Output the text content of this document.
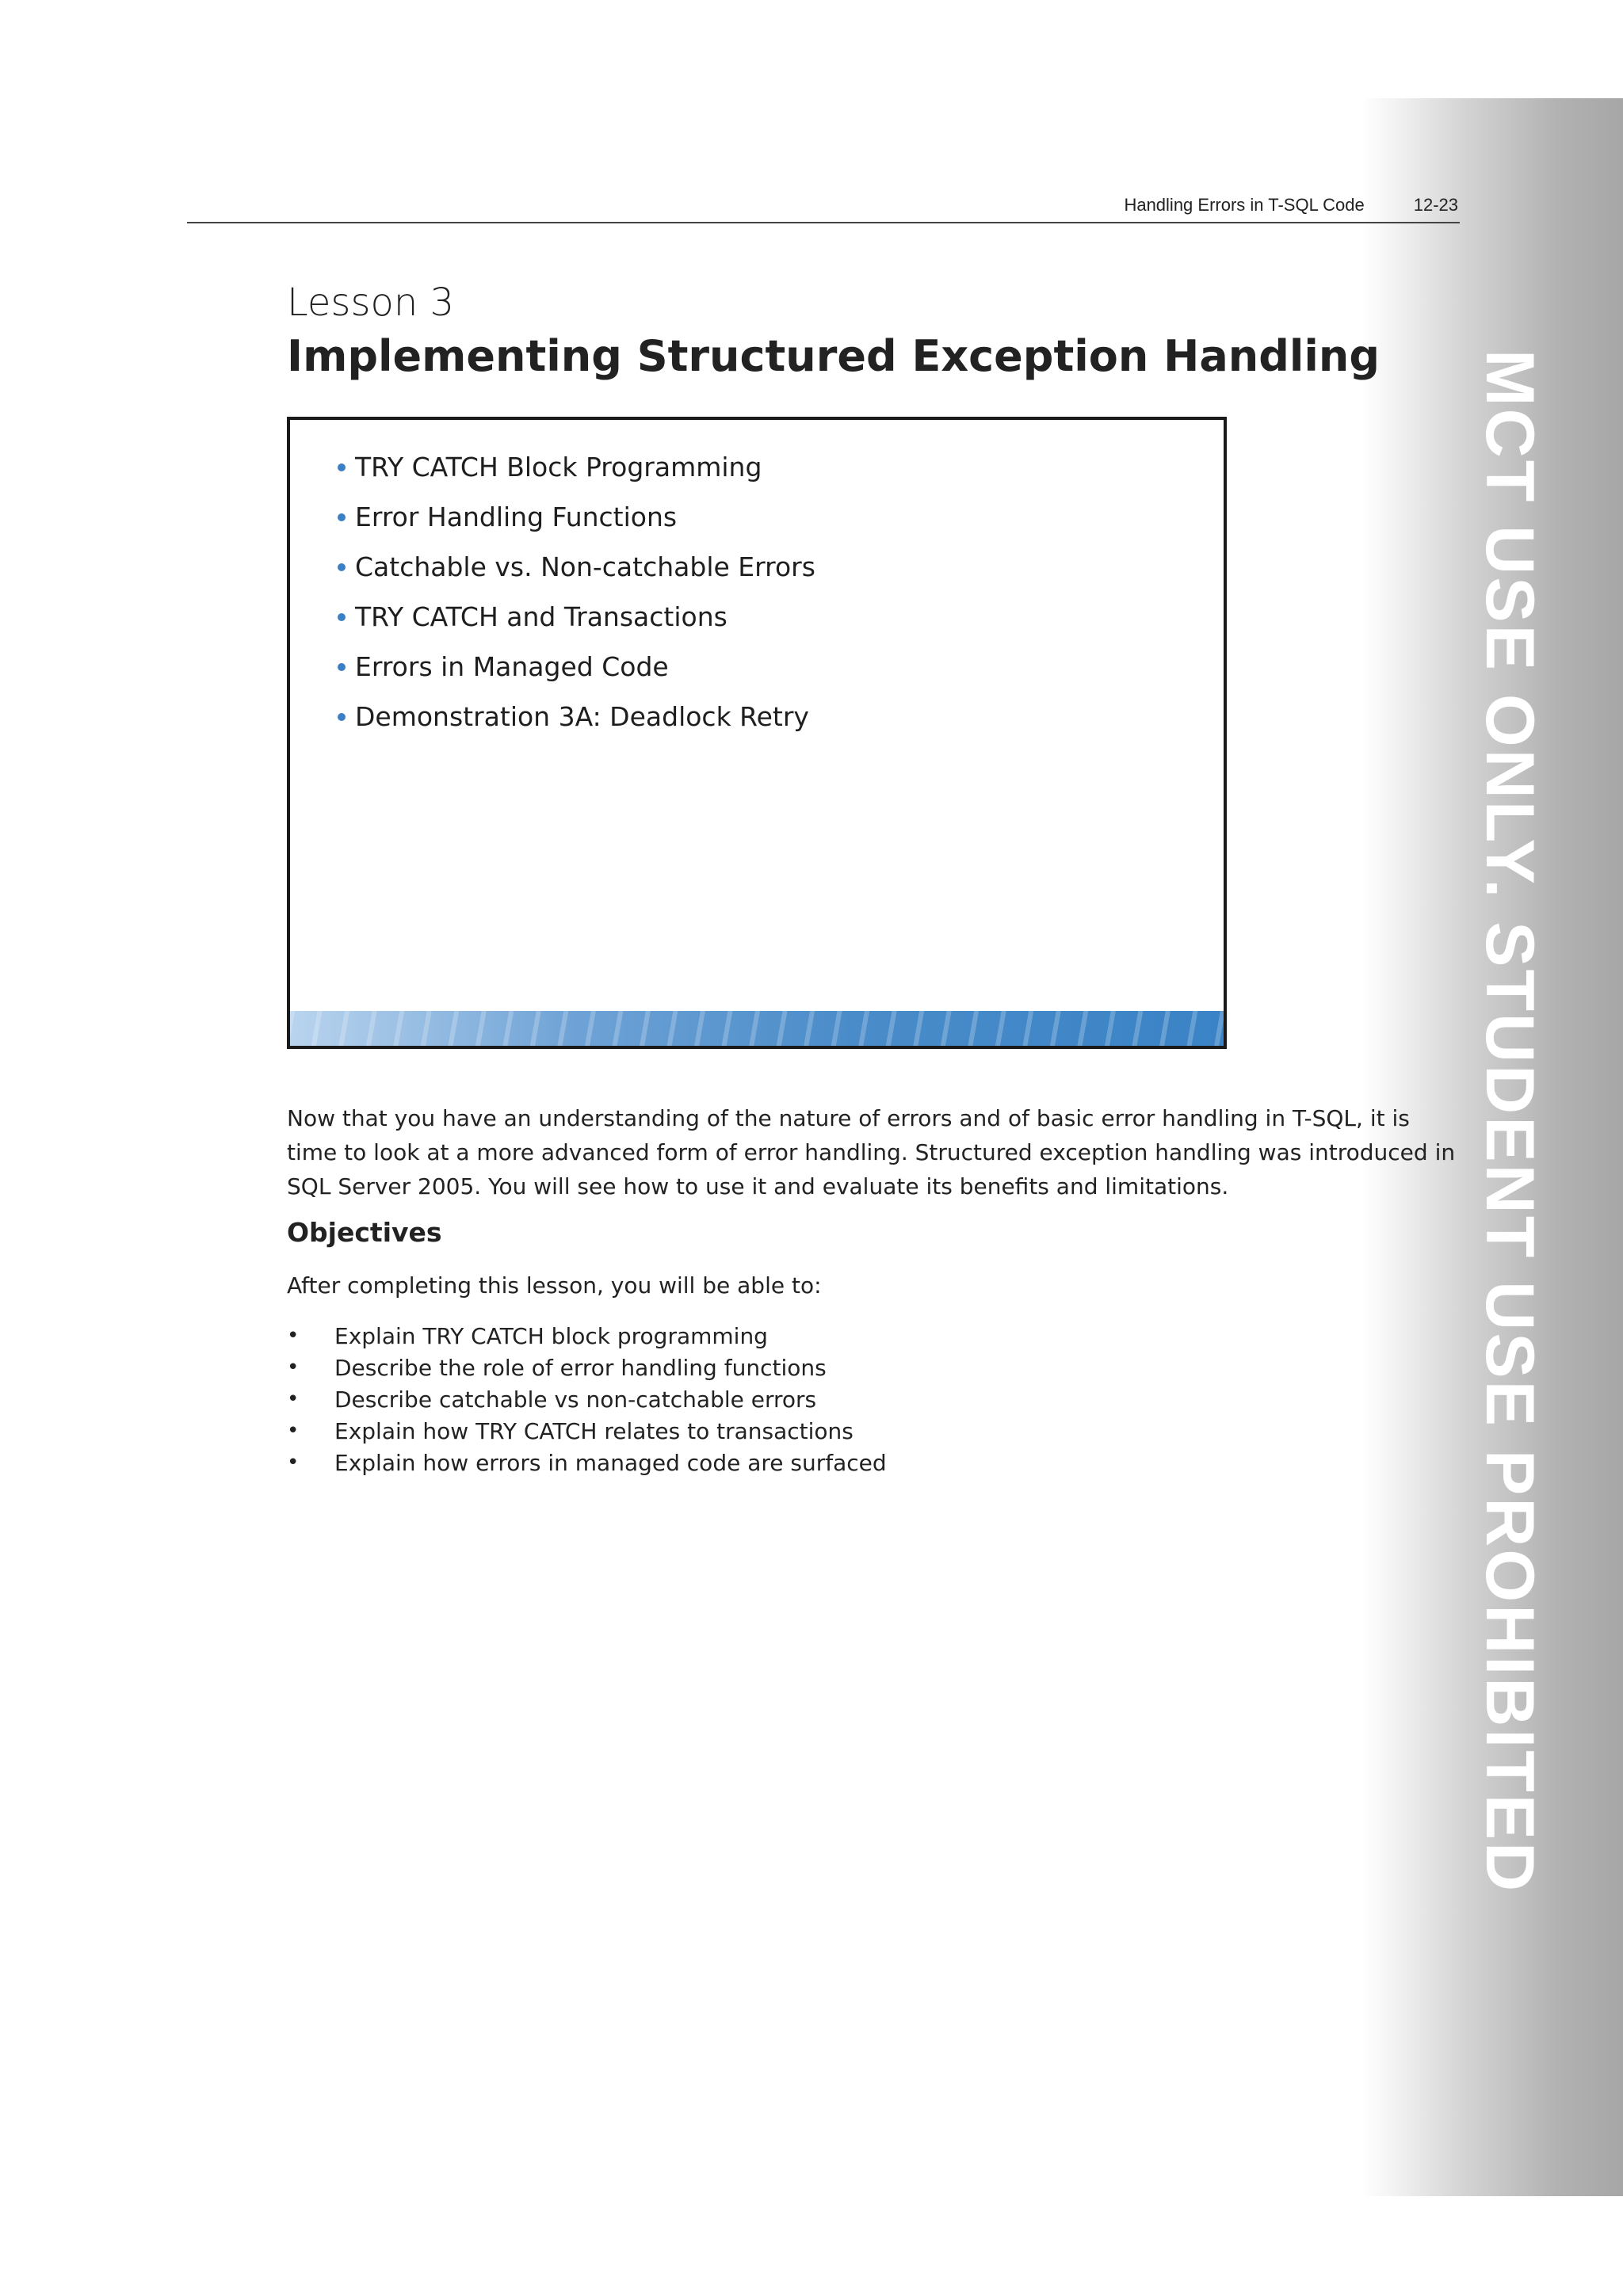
MCT USE ONLY. STUDENT USE PROHIBITED
Handling Errors in T-SQL Code	12-23
Lesson 3
Implementing Structured Exception Handling
TRY CATCH Block Programming
Error Handling Functions
Catchable vs. Non-catchable Errors
TRY CATCH and Transactions
Errors in Managed Code
Demonstration 3A: Deadlock Retry
Now that you have an understanding of the nature of errors and of basic error handling in T-SQL, it is time to look at a more advanced form of error handling. Structured exception handling was introduced in SQL Server 2005. You will see how to use it and evaluate its benefits and limitations.
Objectives
After completing this lesson, you will be able to:
•	Explain TRY CATCH block programming
•	Describe the role of error handling functions
•	Describe catchable vs non-catchable errors
•	Explain how TRY CATCH relates to transactions
•	Explain how errors in managed code are surfaced
